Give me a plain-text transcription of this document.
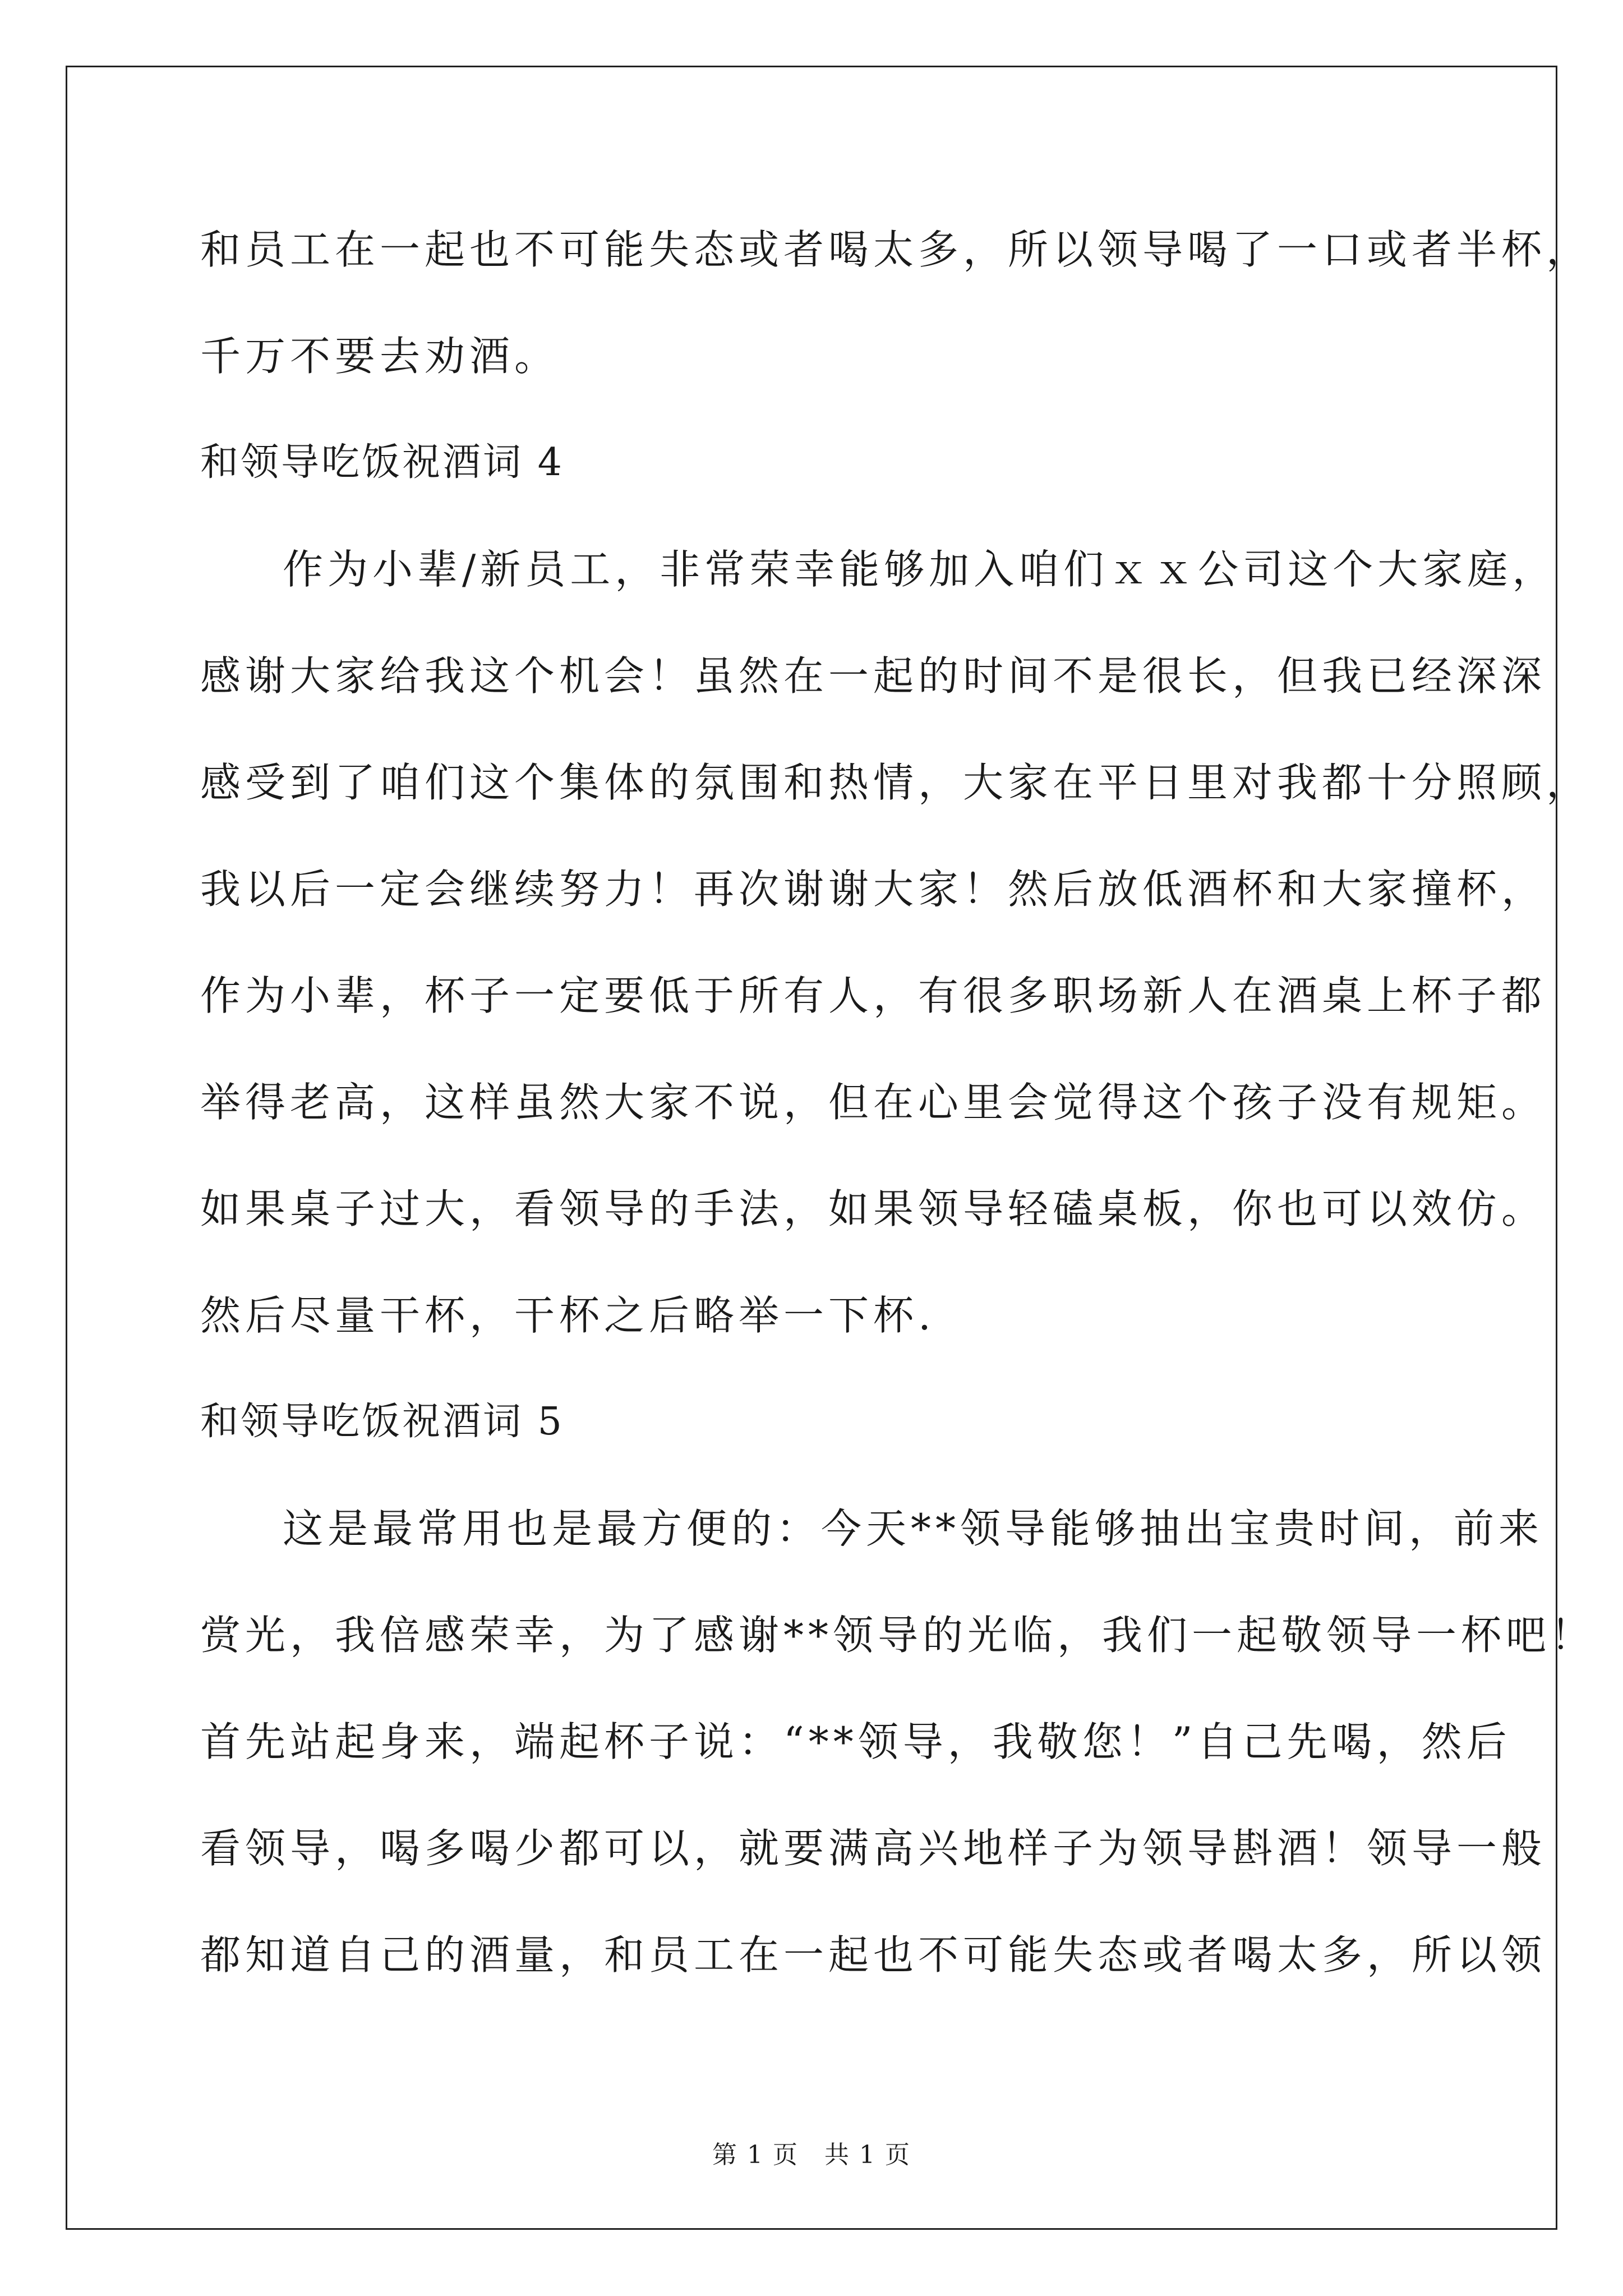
和员工在一起也不可能失态或者喝太多，所以领导喝了一口或者半杯，
千万不要去劝酒。
和领导吃饭祝酒词 4
作为小辈/新员工，非常荣幸能够加入咱们ｘｘ公司这个大家庭，
感谢大家给我这个机会！虽然在一起的时间不是很长，但我已经深深
感受到了咱们这个集体的氛围和热情，大家在平日里对我都十分照顾，
我以后一定会继续努力！再次谢谢大家！然后放低酒杯和大家撞杯，
作为小辈，杯子一定要低于所有人，有很多职场新人在酒桌上杯子都
举得老高，这样虽然大家不说，但在心里会觉得这个孩子没有规矩。
如果桌子过大，看领导的手法，如果领导轻磕桌板，你也可以效仿。
然后尽量干杯，干杯之后略举一下杯.
和领导吃饭祝酒词 5
这是最常用也是最方便的：今天**领导能够抽出宝贵时间，前来
赏光，我倍感荣幸，为了感谢**领导的光临，我们一起敬领导一杯吧！
首先站起身来，端起杯子说：“**领导，我敬您！”自己先喝，然后
看领导，喝多喝少都可以，就要满高兴地样子为领导斟酒！领导一般
都知道自己的酒量，和员工在一起也不可能失态或者喝太多，所以领
第 1 页　共 1 页
